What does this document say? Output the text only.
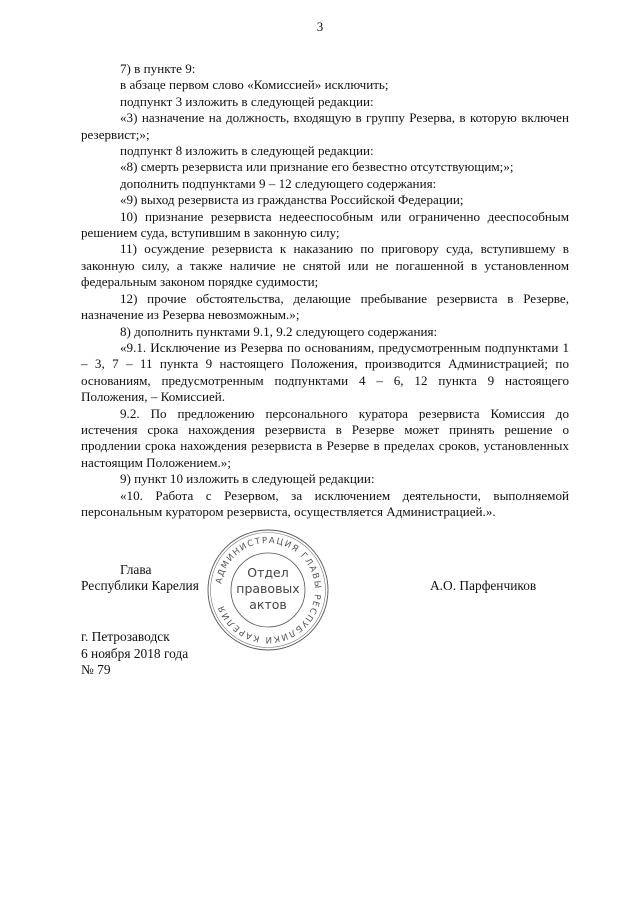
3

7) в пункте 9:

в абзаце первом слово «Комиссией» исключить;

подпункт 3 изложить в следующей редакции:

«3) назначение на должность, входящую в группу Резерва, в которую включен резервист;»;

подпункт 8 изложить в следующей редакции:

«8) смерть резервиста или признание его безвестно отсутствующим;»;

дополнить подпунктами 9 – 12 следующего содержания:

«9) выход резервиста из гражданства Российской Федерации;

10) признание резервиста недееспособным или ограниченно дееспособным решением суда, вступившим в законную силу;

11) осуждение резервиста к наказанию по приговору суда, вступившему в законную силу, а также наличие не снятой или не погашенной в установленном федеральным законом порядке судимости;

12) прочие обстоятельства, делающие пребывание резервиста в Резерве, назначение из Резерва невозможным.»;

8) дополнить пунктами 9.1, 9.2 следующего содержания:

«9.1. Исключение из Резерва по основаниям, предусмотренным подпунктами 1 – 3, 7 – 11 пункта 9 настоящего Положения, производится Администрацией; по основаниям, предусмотренным подпунктами 4 – 6, 12 пункта 9 настоящего Положения, – Комиссией.

9.2. По предложению персонального куратора резервиста Комиссия до истечения срока нахождения резервиста в Резерве может принять решение о продлении срока нахождения резервиста в Резерве в пределах сроков, установленных настоящим Положением.»;

9) пункт 10 изложить в следующей редакции:

«10. Работа с Резервом, за исключением деятельности, выполняемой персональным куратором резервиста, осуществляется Администрацией.».

Глава
Республики Карелия АДМИНИСТРАЦИЯ ГЛАВЫ РЕСПУБЛИКИ КАРЕЛИЯ
Отдел
правовых
актов
А.О. Парфенчиков
г. Петрозаводск
6 ноября 2018 года
№ 79
